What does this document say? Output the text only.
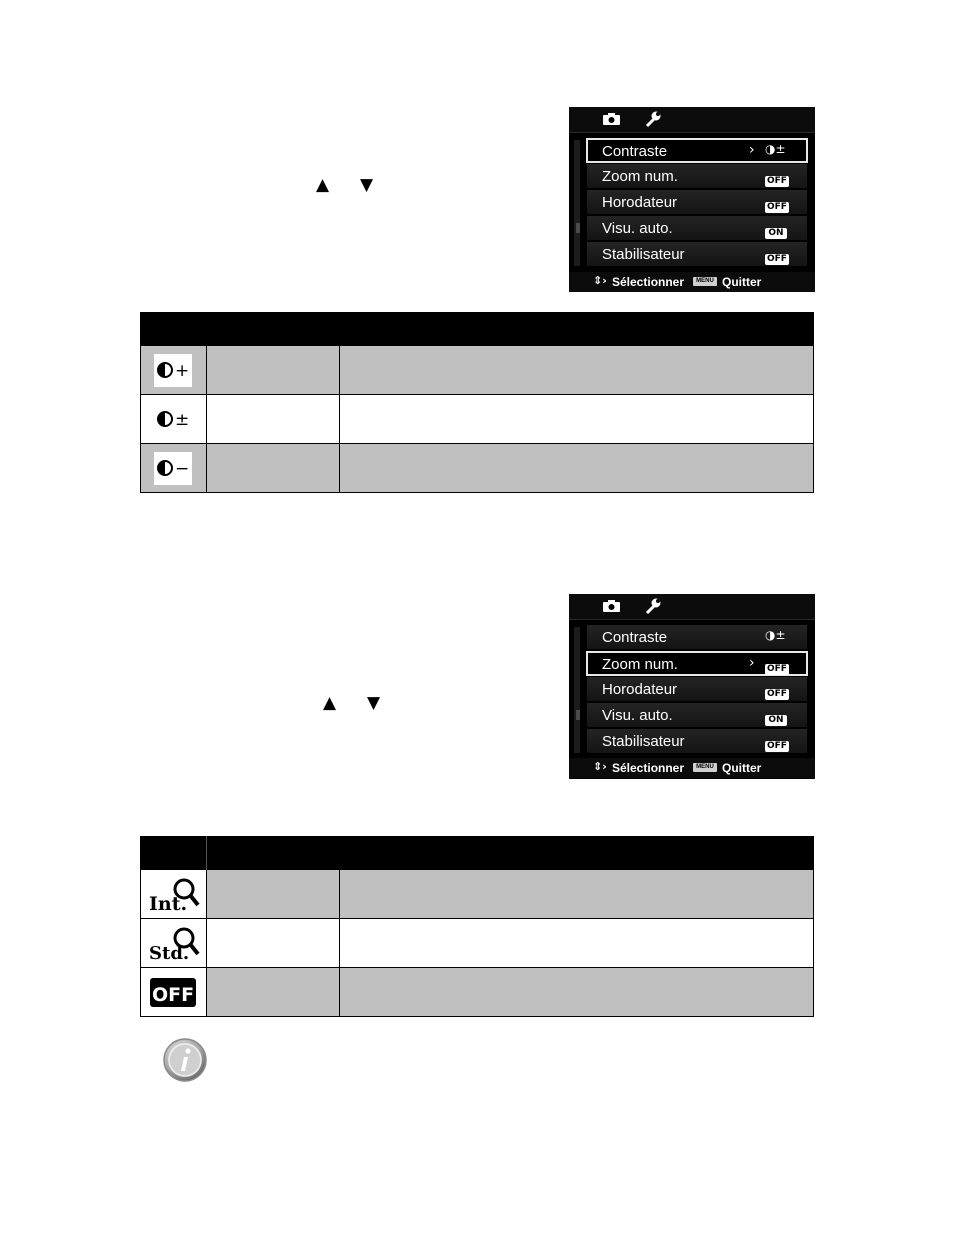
▲ ▼
Contraste	› ◑±
Zoom num.	OFF
Horodateur	OFF
Visu. auto.	ON
Stabilisateur	OFF
⇕› Sélectionner	MENU Quitter
+
±
−
▲ ▼
Contraste	◑±
Zoom num.	› OFF
Horodateur	OFF
Visu. auto.	ON
Stabilisateur	OFF
⇕› Sélectionner	MENU Quitter
Int.
Std.
OFF
